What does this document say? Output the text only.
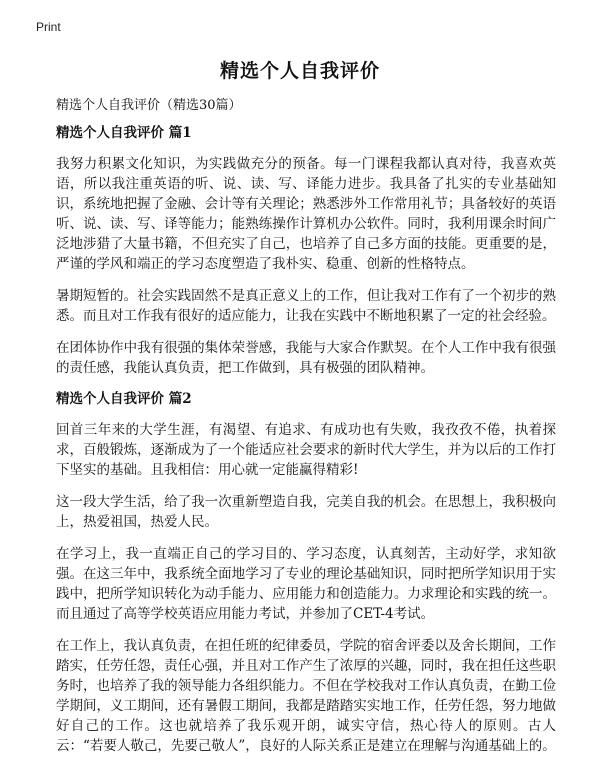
Print
精选个人自我评价
精选个人自我评价（精选30篇）
精选个人自我评价 篇1

我努力积累文化知识，为实践做充分的预备。每一门课程我都认真对待，我喜欢英语，所以我注重英语的听、说、读、写、译能力进步。我具备了扎实的专业基础知识，系统地把握了金融、会计等有关理论；熟悉涉外工作常用礼节；具备较好的英语听、说、读、写、译等能力；能熟练操作计算机办公软件。同时，我利用课余时间广泛地涉猎了大量书籍，不但充实了自己，也培养了自己多方面的技能。更重要的是，严谨的学风和端正的学习态度塑造了我朴实、稳重、创新的性格特点。

暑期短暂的。社会实践固然不是真正意义上的工作，但让我对工作有了一个初步的熟悉。而且对工作我有很好的适应能力，让我在实践中不断地积累了一定的社会经验。

在团体协作中我有很强的集体荣誉感，我能与大家合作默契。在个人工作中我有很强的责任感，我能认真负责，把工作做到，具有极强的团队精神。

精选个人自我评价 篇2

回首三年来的大学生涯，有渴望、有追求、有成功也有失败，我孜孜不倦，执着探求，百般锻炼，逐渐成为了一个能适应社会要求的新时代大学生，并为以后的工作打下坚实的基础。且我相信：用心就一定能赢得精彩!

这一段大学生活，给了我一次重新塑造自我，完美自我的机会。在思想上，我积极向上，热爱祖国，热爱人民。

在学习上，我一直端正自己的学习目的、学习态度，认真刻苦，主动好学，求知欲强。在这三年中，我系统全面地学习了专业的理论基础知识，同时把所学知识用于实践中，把所学知识转化为动手能力、应用能力和创造能力。力求理论和实践的统一。而且通过了高等学校英语应用能力考试，并参加了CET-4考试。

在工作上，我认真负责，在担任班的纪律委员，学院的宿舍评委以及舍长期间，工作踏实，任劳任怨，责任心强，并且对工作产生了浓厚的兴趣，同时，我在担任这些职务时，也培养了我的领导能力各组织能力。不但在学校我对工作认真负责，在勤工俭学期间，义工期间，还有暑假工期间，我都是踏踏实实地工作，任劳任怨，努力地做好自己的工作。这也就培养了我乐观开朗，诚实守信，热心待人的原则。古人云：“若要人敬己，先要己敬人”，良好的人际关系正是建立在理解与沟通基础上的。
